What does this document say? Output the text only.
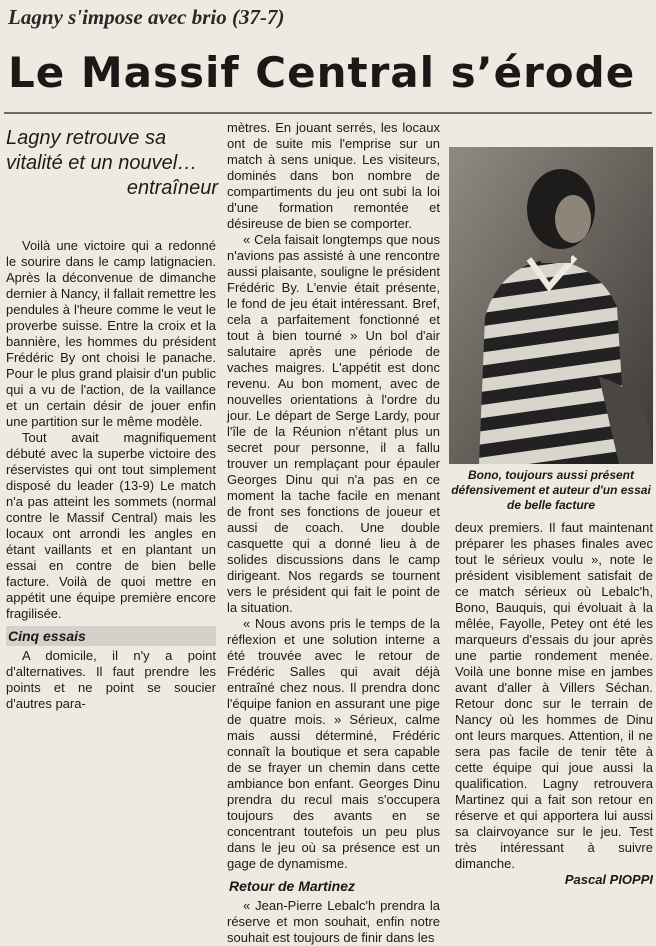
Lagny s'impose avec brio (37-7)
Le Massif Central s’érode
Lagny retrouve sa vitalité et un nouvel…
entraîneur

Voilà une victoire qui a redonné le sourire dans le camp latignacien. Après la déconvenue de dimanche dernier à Nancy, il fallait remettre les pendules à l'heure comme le veut le proverbe suisse. Entre la croix et la bannière, les hommes du président Frédéric By ont choisi le panache. Pour le plus grand plaisir d'un public qui a vu de l'action, de la vaillance et un certain désir de jouer enfin une partition sur le même modèle.

Tout avait magnifiquement débuté avec la superbe victoire des réservistes qui ont tout simplement disposé du leader (13-9) Le match n'a pas atteint les sommets (normal contre le Massif Central) mais les locaux ont arrondi les angles en étant vaillants et en plantant un essai en contre de bien belle facture. Voilà de quoi mettre en appétit une équipe première encore fragilisée.

Cinq essais

A domicile, il n'y a point d'alternatives. Il faut prendre les points et ne point se soucier d'autres para-

mètres. En jouant serrés, les locaux ont de suite mis l'emprise sur un match à sens unique. Les visiteurs, dominés dans bon nombre de compartiments du jeu ont subi la loi d'une formation remontée et désireuse de bien se comporter.

« Cela faisait longtemps que nous n'avions pas assisté à une rencontre aussi plaisante, souligne le président Frédéric By. L'envie était présente, le fond de jeu était intéressant. Bref, cela a parfaitement fonctionné et tout à bien tourné » Un bol d'air salutaire après une période de vaches maigres. L'appétit est donc revenu. Au bon moment, avec de nouvelles orientations à l'ordre du jour. Le départ de Serge Lardy, pour l'île de la Réunion n'étant plus un secret pour personne, il a fallu trouver un remplaçant pour épauler Georges Dinu qui n'a pas en ce moment la tache facile en menant de front ses fonctions de joueur et aussi de coach. Une double casquette qui a donné lieu à de solides discussions dans le camp dirigeant. Nos regards se tournent vers le président qui fait le point de la situation.

« Nous avons pris le temps de la réflexion et une solution interne a été trouvée avec le retour de Frédéric Salles qui avait déjà entraîné chez nous. Il prendra donc l'équipe fanion en assurant une pige de quatre mois. » Sérieux, calme mais aussi déterminé, Frédéric connaît la boutique et sera capable de se frayer un chemin dans cette ambiance bon enfant. Georges Dinu prendra du recul mais s'occupera toujours des avants en se concentrant toutefois un peu plus dans le jeu où sa présence est un gage de dynamisme.

Retour de Martinez

« Jean-Pierre Lebalc'h prendra la réserve et mon souhait, enfin notre souhait est toujours de finir dans les

Bono, toujours aussi présent défensivement et auteur d'un essai de belle facture

deux premiers. Il faut maintenant préparer les phases finales avec tout le sérieux voulu », note le président visiblement satisfait de ce match sérieux où Lebalc'h, Bono, Bauquis, qui évoluait à la mêlée, Fayolle, Petey ont été les marqueurs d'essais du jour après une partie rondement menée. Voilà une bonne mise en jambes avant d'aller à Villers Séchan. Retour donc sur le terrain de Nancy où les hommes de Dinu ont leurs marques. Attention, il ne sera pas facile de tenir tête à cette équipe qui joue aussi la qualification. Lagny retrouvera Martinez qui a fait son retour en réserve et qui apportera lui aussi sa clairvoyance sur le jeu. Test très intéressant à suivre dimanche.

Pascal PIOPPI
